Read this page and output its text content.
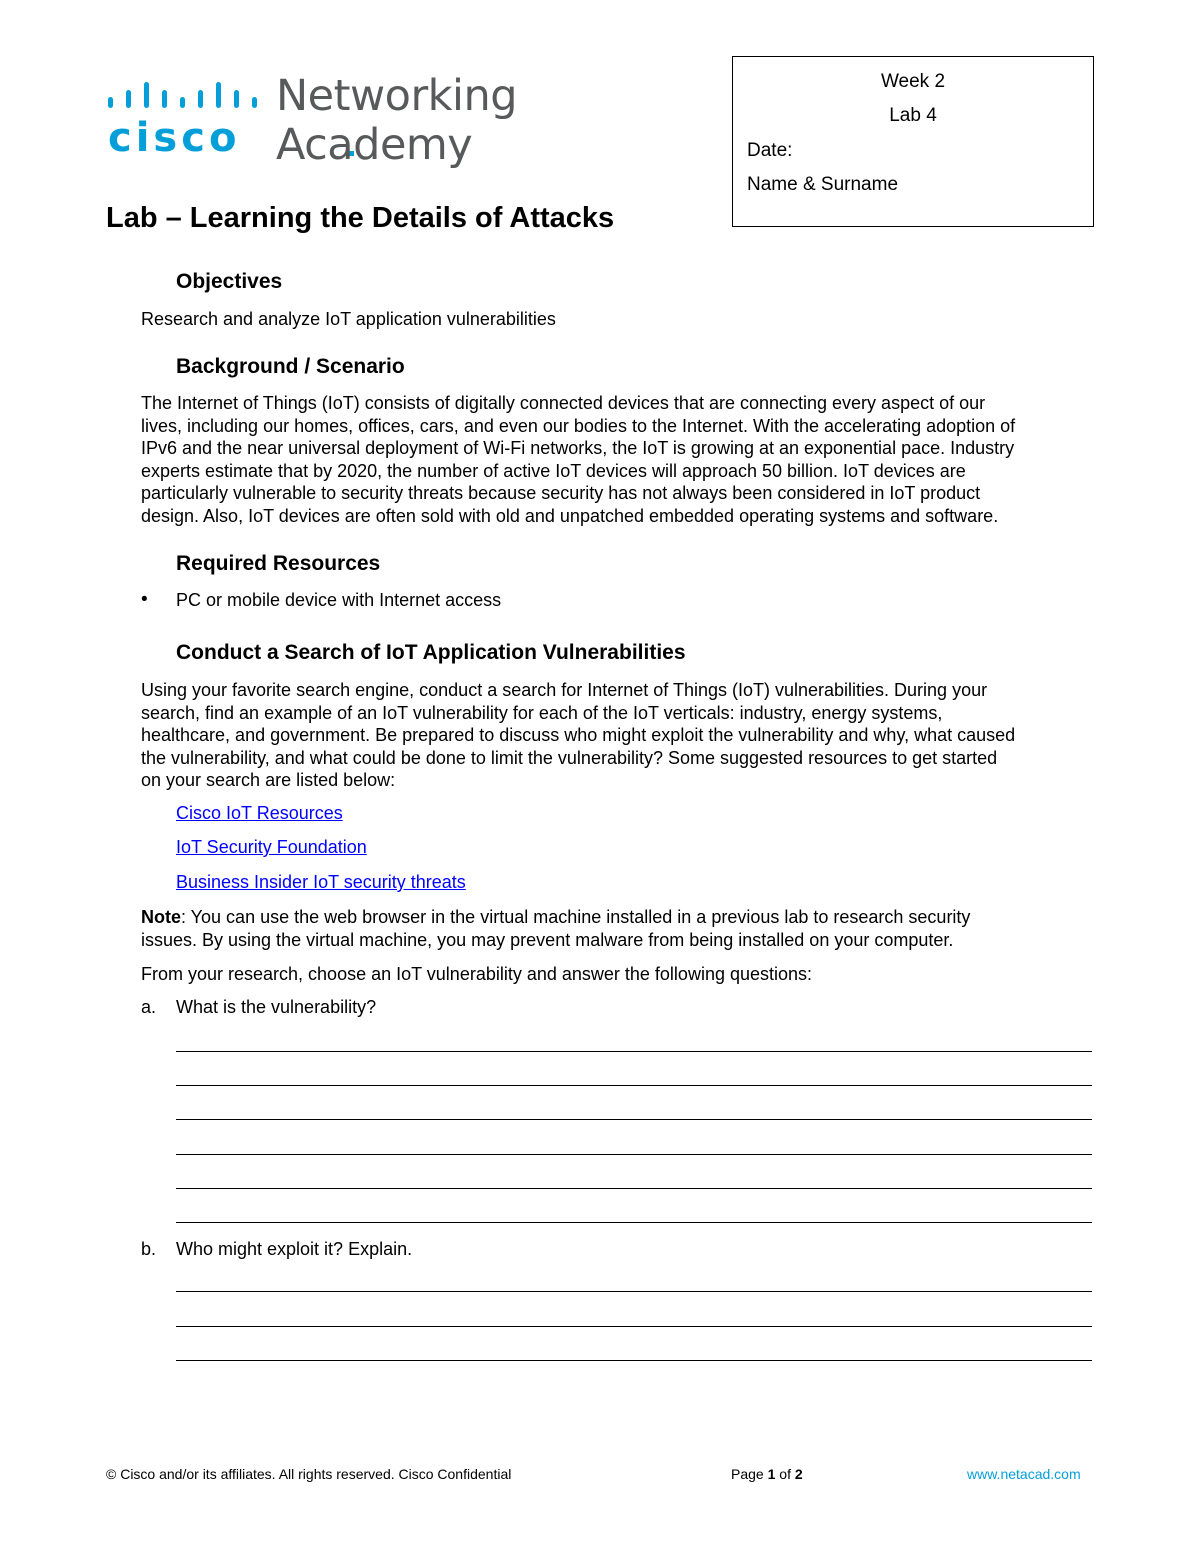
cisco
Networking
Academy
Week 2
Lab 4
Date:
Name & Surname
Lab – Learning the Details of Attacks
Objectives
Research and analyze IoT application vulnerabilities
Background / Scenario
The Internet of Things (IoT) consists of digitally connected devices that are connecting every aspect of our
lives, including our homes, offices, cars, and even our bodies to the Internet. With the accelerating adoption of
IPv6 and the near universal deployment of Wi-Fi networks, the IoT is growing at an exponential pace. Industry
experts estimate that by 2020, the number of active IoT devices will approach 50 billion. IoT devices are
particularly vulnerable to security threats because security has not always been considered in IoT product
design. Also, IoT devices are often sold with old and unpatched embedded operating systems and software.
Required Resources
• PC or mobile device with Internet access
Conduct a Search of IoT Application Vulnerabilities
Using your favorite search engine, conduct a search for Internet of Things (IoT) vulnerabilities. During your
search, find an example of an IoT vulnerability for each of the IoT verticals: industry, energy systems,
healthcare, and government. Be prepared to discuss who might exploit the vulnerability and why, what caused
the vulnerability, and what could be done to limit the vulnerability? Some suggested resources to get started
on your search are listed below:
Cisco IoT Resources
IoT Security Foundation
Business Insider IoT security threats
Note: You can use the web browser in the virtual machine installed in a previous lab to research security
issues. By using the virtual machine, you may prevent malware from being installed on your computer.
From your research, choose an IoT vulnerability and answer the following questions:
a. What is the vulnerability?
b. Who might exploit it? Explain.
© Cisco and/or its affiliates. All rights reserved. Cisco Confidential	Page 1 of 2	www.netacad.com
